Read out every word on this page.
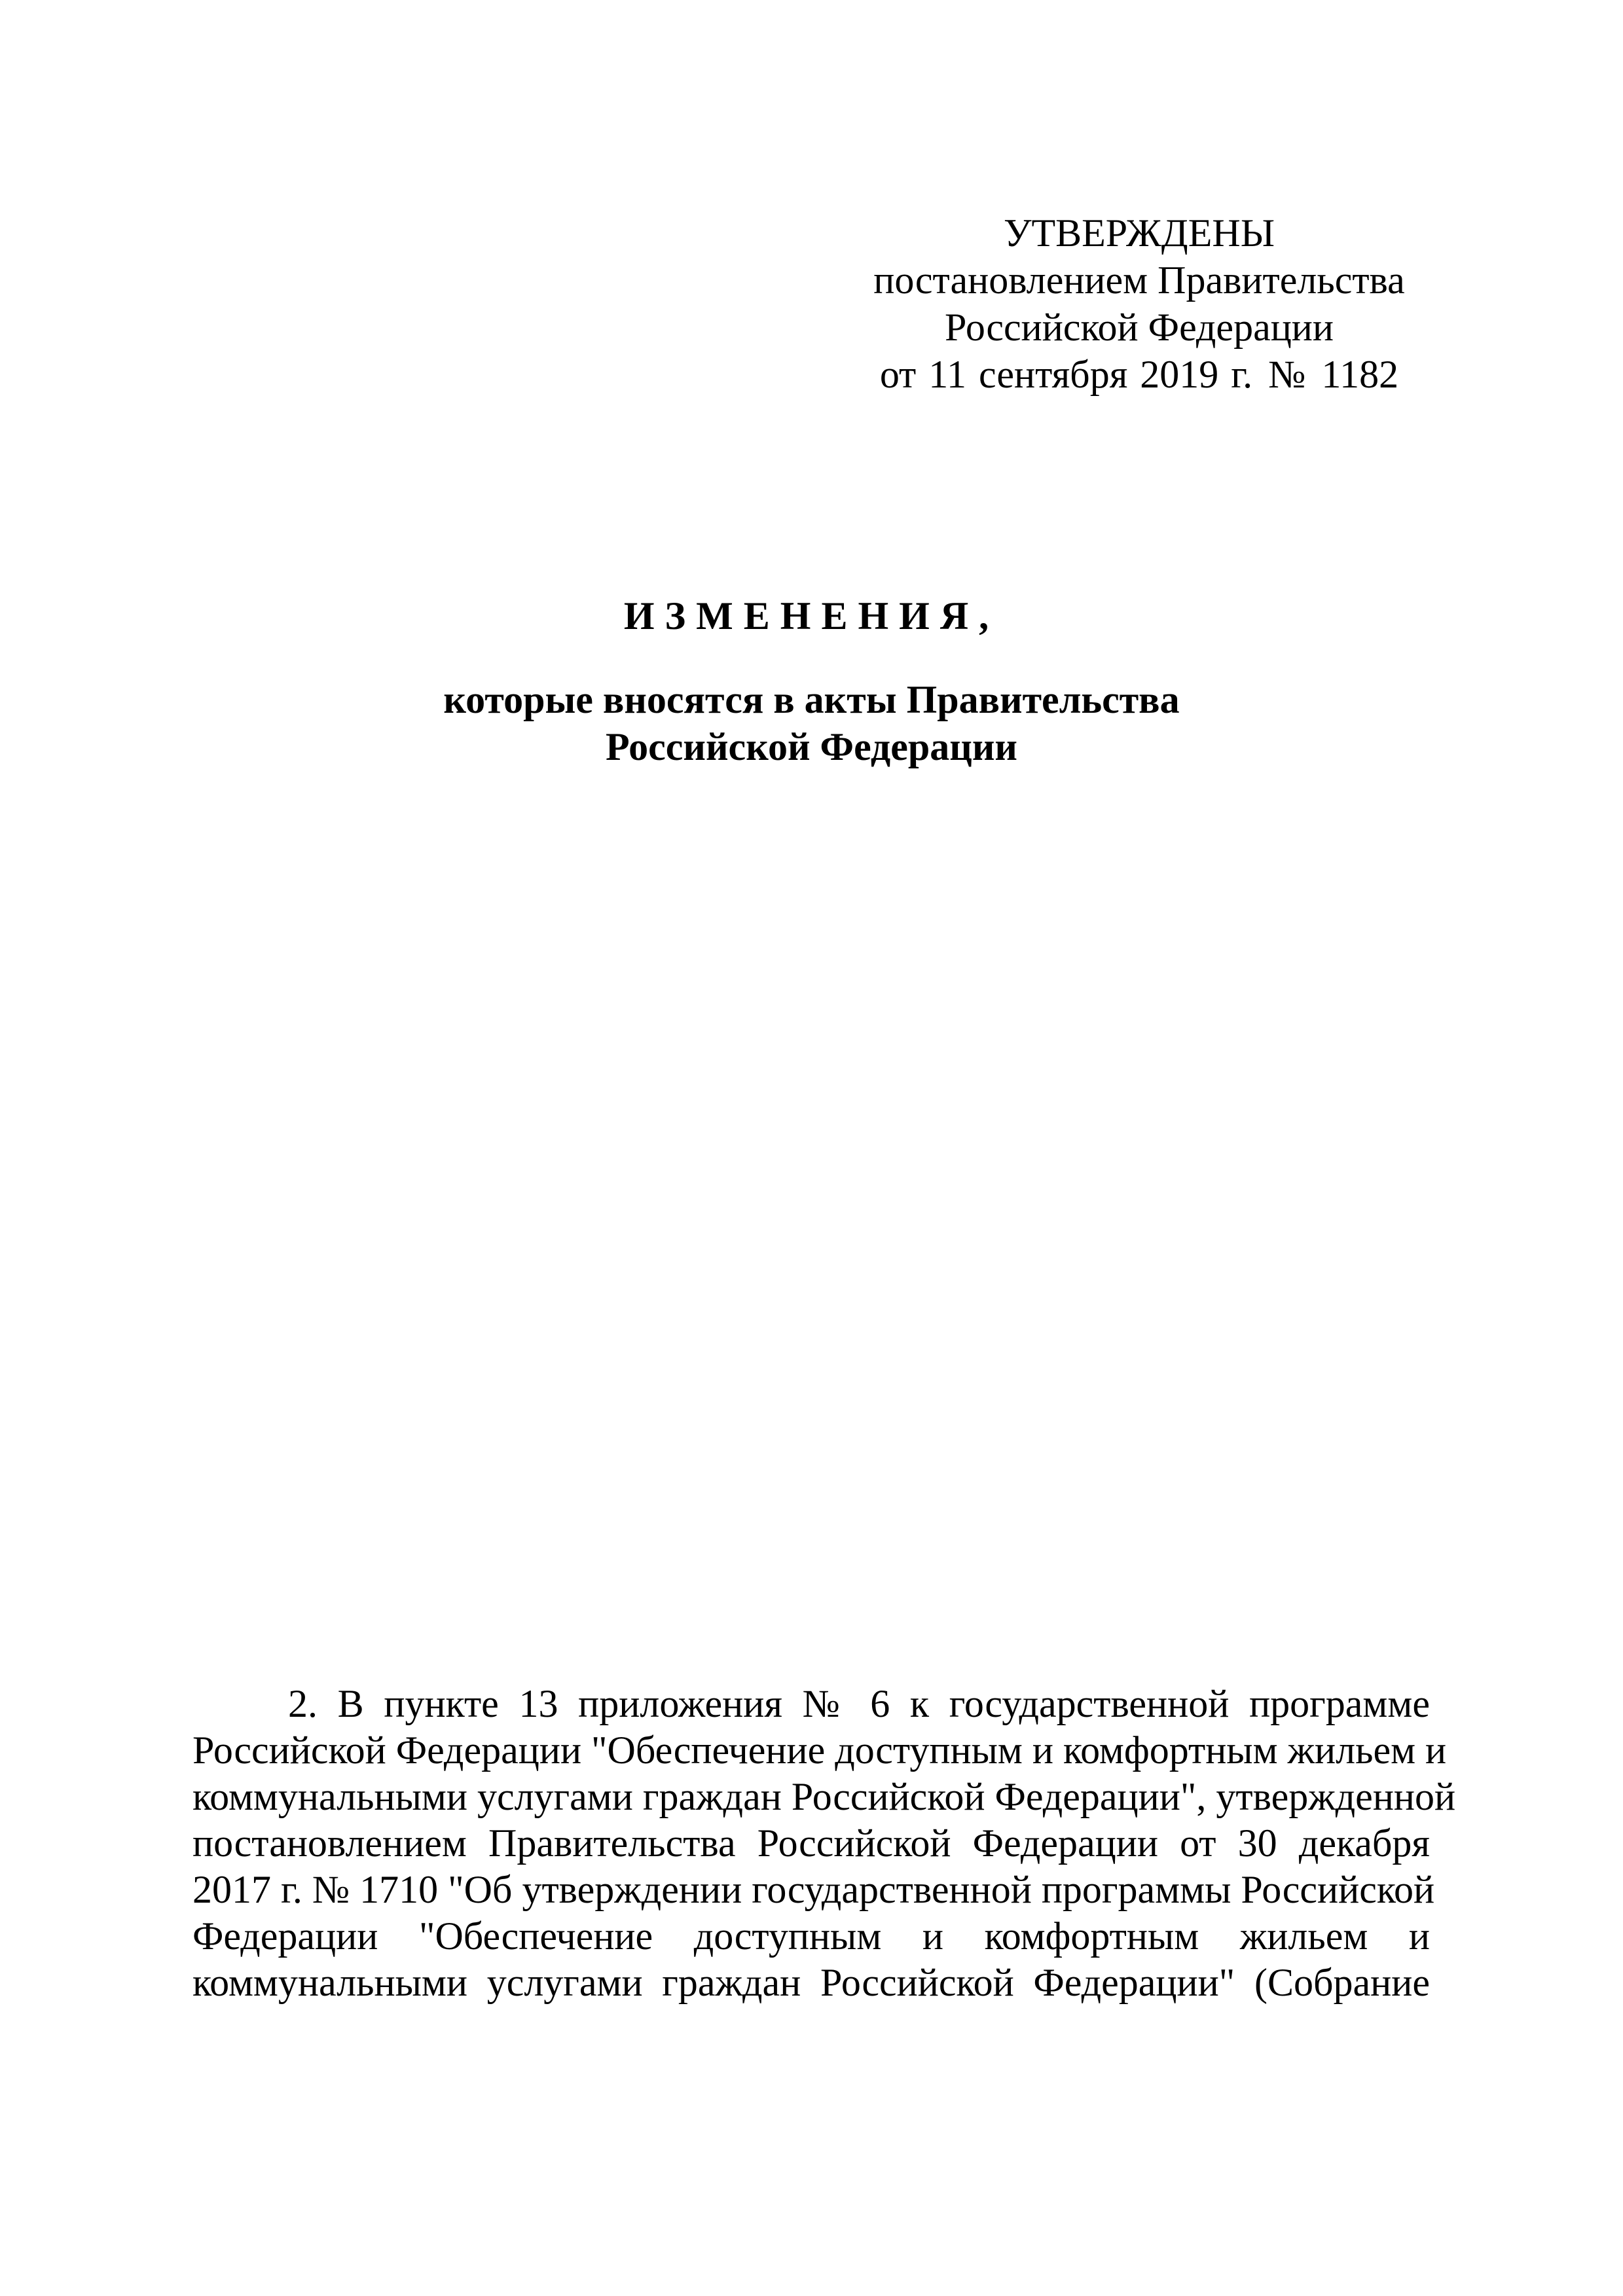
УТВЕРЖДЕНЫ
постановлением Правительства
Российской Федерации
от 11 сентября 2019 г. № 1182
ИЗМЕНЕНИЯ,
которые вносятся в акты Правительства
Российской Федерации
2. В пункте 13 приложения № 6 к государственной программе
Российской Федерации "Обеспечение доступным и комфортным жильем и
коммунальными услугами граждан Российской Федерации", утвержденной
постановлением Правительства Российской Федерации от 30 декабря
2017 г. № 1710 "Об утверждении государственной программы Российской
Федерации "Обеспечение доступным и комфортным жильем и
коммунальными услугами граждан Российской Федерации" (Собрание
